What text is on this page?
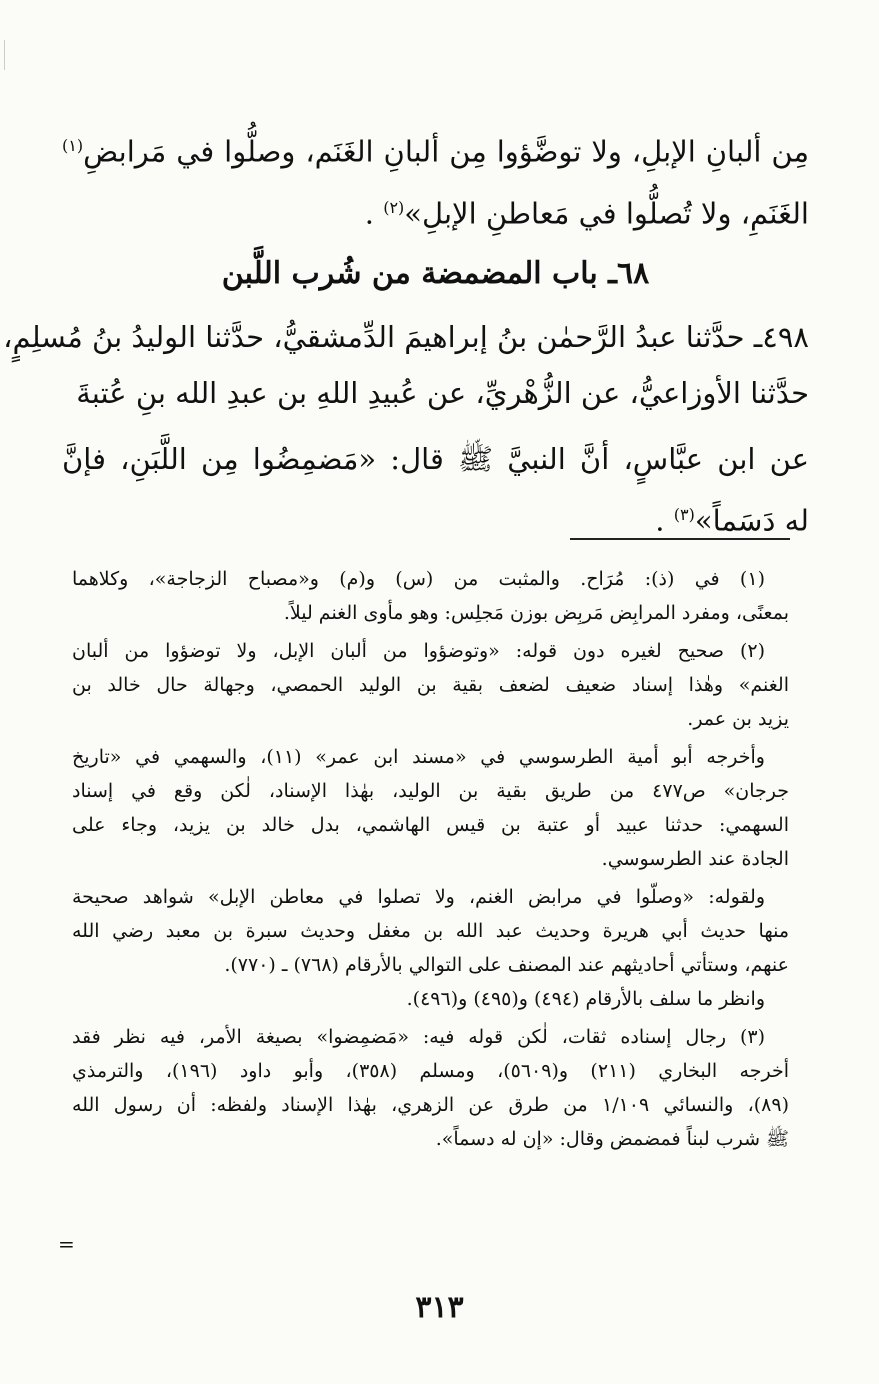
مِن ألبانِ الإبلِ، ولا توضَّؤوا مِن ألبانِ الغَنَم، وصلُّوا في مَرابضِ$^{(١)}$
الغَنَمِ، ولا تُصلُّوا في مَعاطنِ الإبلِ»$^{(٢)}$ .
٦٨ـ باب المضمضة من شُرب اللَّبن
٤٩٨ـ حدَّثنا عبدُ الرَّحمٰن بنُ إبراهيمَ الدِّمشقيُّ، حدَّثنا الوليدُ بنُ مُسلِمٍ،
حدَّثنا الأوزاعيُّ، عن الزُّهْريِّ، عن عُبيدِ اللهِ بن عبدِ الله بنِ عُتبةَ
عن ابن عبَّاسٍ، أنَّ النبيَّ ﷺ قال: «مَضمِضُوا مِن اللَّبَنِ، فإنَّ
له دَسَماً»$^{(٣)}$ .
(١) في (ذ): مُرَاح. والمثبت من (س) و(م) و«مصباح الزجاجة»، وكلاهما
بمعنًى، ومفرد المرابِض مَربِض بوزن مَجلِس: وهو مأوى الغنم ليلاً.
(٢) صحيح لغيره دون قوله: «وتوضؤوا من ألبان الإبل، ولا توضؤوا من ألبان
الغنم» وهٰذا إسناد ضعيف لضعف بقية بن الوليد الحمصي، وجهالة حال خالد بن
يزيد بن عمر.
وأخرجه أبو أمية الطرسوسي في «مسند ابن عمر» (١١)، والسهمي في «تاريخ
جرجان» ص٤٧٧ من طريق بقية بن الوليد، بهٰذا الإسناد، لٰكن وقع في إسناد
السهمي: حدثنا عبيد أو عتبة بن قيس الهاشمي، بدل خالد بن يزيد، وجاء على
الجادة عند الطرسوسي.
ولقوله: «وصلّوا في مرابض الغنم، ولا تصلوا في معاطن الإبل» شواهد صحيحة
منها حديث أبي هريرة وحديث عبد الله بن مغفل وحديث سبرة بن معبد رضي الله
عنهم، وستأتي أحاديثهم عند المصنف على التوالي بالأرقام (٧٦٨) ـ (٧٧٠).
وانظر ما سلف بالأرقام (٤٩٤) و(٤٩٥) و(٤٩٦).
(٣) رجال إسناده ثقات، لٰكن قوله فيه: «مَضمِضوا» بصيغة الأمر، فيه نظر فقد
أخرجه البخاري (٢١١) و(٥٦٠٩)، ومسلم (٣٥٨)، وأبو داود (١٩٦)، والترمذي
(٨٩)، والنسائي ١/١٠٩ من طرق عن الزهري، بهٰذا الإسناد ولفظه: أن رسول الله
ﷺ شرب لبناً فمضمض وقال: «إن له دسماً».
=
٣١٣
